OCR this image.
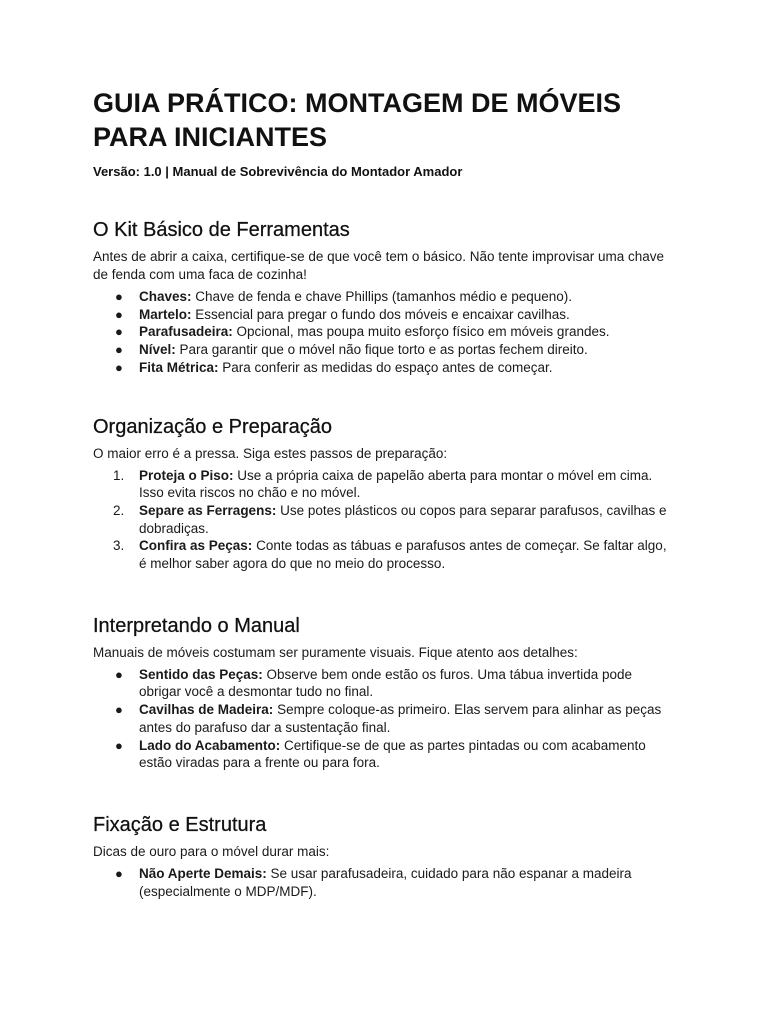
GUIA PRÁTICO: MONTAGEM DE MÓVEIS PARA INICIANTES

Versão: 1.0 | Manual de Sobrevivência do Montador Amador

O Kit Básico de Ferramentas

Antes de abrir a caixa, certifique-se de que você tem o básico. Não tente improvisar uma chave de fenda com uma faca de cozinha!

● Chaves: Chave de fenda e chave Phillips (tamanhos médio e pequeno).
● Martelo: Essencial para pregar o fundo dos móveis e encaixar cavilhas.
● Parafusadeira: Opcional, mas poupa muito esforço físico em móveis grandes.
● Nível: Para garantir que o móvel não fique torto e as portas fechem direito.
● Fita Métrica: Para conferir as medidas do espaço antes de começar.
Organização e Preparação

O maior erro é a pressa. Siga estes passos de preparação:

1. Proteja o Piso: Use a própria caixa de papelão aberta para montar o móvel em cima. Isso evita riscos no chão e no móvel.
2. Separe as Ferragens: Use potes plásticos ou copos para separar parafusos, cavilhas e dobradiças.
3. Confira as Peças: Conte todas as tábuas e parafusos antes de começar. Se faltar algo, é melhor saber agora do que no meio do processo.
Interpretando o Manual

Manuais de móveis costumam ser puramente visuais. Fique atento aos detalhes:

● Sentido das Peças: Observe bem onde estão os furos. Uma tábua invertida pode obrigar você a desmontar tudo no final.
● Cavilhas de Madeira: Sempre coloque-as primeiro. Elas servem para alinhar as peças antes do parafuso dar a sustentação final.
● Lado do Acabamento: Certifique-se de que as partes pintadas ou com acabamento estão viradas para a frente ou para fora.
Fixação e Estrutura

Dicas de ouro para o móvel durar mais:

● Não Aperte Demais: Se usar parafusadeira, cuidado para não espanar a madeira (especialmente o MDP/MDF).
